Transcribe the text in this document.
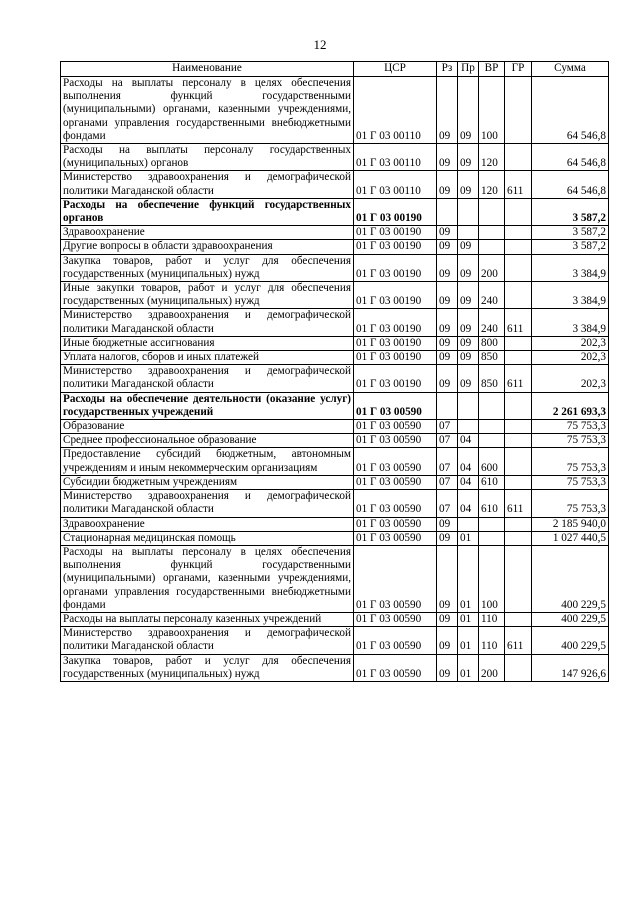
12
Наименование	ЦСР	Рз	Пр	ВР	ГР	Сумма
Расходы на выплаты персоналу в целях обеспечения выполнения функций государственными (муниципальными) органами, казенными учреждениями, органами управления государственными внебюджетными фондами	01 Г 03 00110	09	09	100		64 546,8
Расходы на выплаты персоналу государственных (муниципальных) органов	01 Г 03 00110	09	09	120		64 546,8
Министерство здравоохранения и демографической политики Магаданской области	01 Г 03 00110	09	09	120	611	64 546,8
Расходы на обеспечение функций государственных органов	01 Г 03 00190					3 587,2
Здравоохранение	01 Г 03 00190	09				3 587,2
Другие вопросы в области здравоохранения	01 Г 03 00190	09	09			3 587,2
Закупка товаров, работ и услуг для обеспечения государственных (муниципальных) нужд	01 Г 03 00190	09	09	200		3 384,9
Иные закупки товаров, работ и услуг для обеспечения государственных (муниципальных) нужд	01 Г 03 00190	09	09	240		3 384,9
Министерство здравоохранения и демографической политики Магаданской области	01 Г 03 00190	09	09	240	611	3 384,9
Иные бюджетные ассигнования	01 Г 03 00190	09	09	800		202,3
Уплата налогов, сборов и иных платежей	01 Г 03 00190	09	09	850		202,3
Министерство здравоохранения и демографической политики Магаданской области	01 Г 03 00190	09	09	850	611	202,3
Расходы на обеспечение деятельности (оказание услуг) государственных учреждений	01 Г 03 00590					2 261 693,3
Образование	01 Г 03 00590	07				75 753,3
Среднее профессиональное образование	01 Г 03 00590	07	04			75 753,3
Предоставление субсидий бюджетным, автономным учреждениям и иным некоммерческим организациям	01 Г 03 00590	07	04	600		75 753,3
Субсидии бюджетным учреждениям	01 Г 03 00590	07	04	610		75 753,3
Министерство здравоохранения и демографической политики Магаданской области	01 Г 03 00590	07	04	610	611	75 753,3
Здравоохранение	01 Г 03 00590	09				2 185 940,0
Стационарная медицинская помощь	01 Г 03 00590	09	01			1 027 440,5
Расходы на выплаты персоналу в целях обеспечения выполнения функций государственными (муниципальными) органами, казенными учреждениями, органами управления государственными внебюджетными фондами	01 Г 03 00590	09	01	100		400 229,5
Расходы на выплаты персоналу казенных учреждений	01 Г 03 00590	09	01	110		400 229,5
Министерство здравоохранения и демографической политики Магаданской области	01 Г 03 00590	09	01	110	611	400 229,5
Закупка товаров, работ и услуг для обеспечения государственных (муниципальных) нужд	01 Г 03 00590	09	01	200		147 926,6
